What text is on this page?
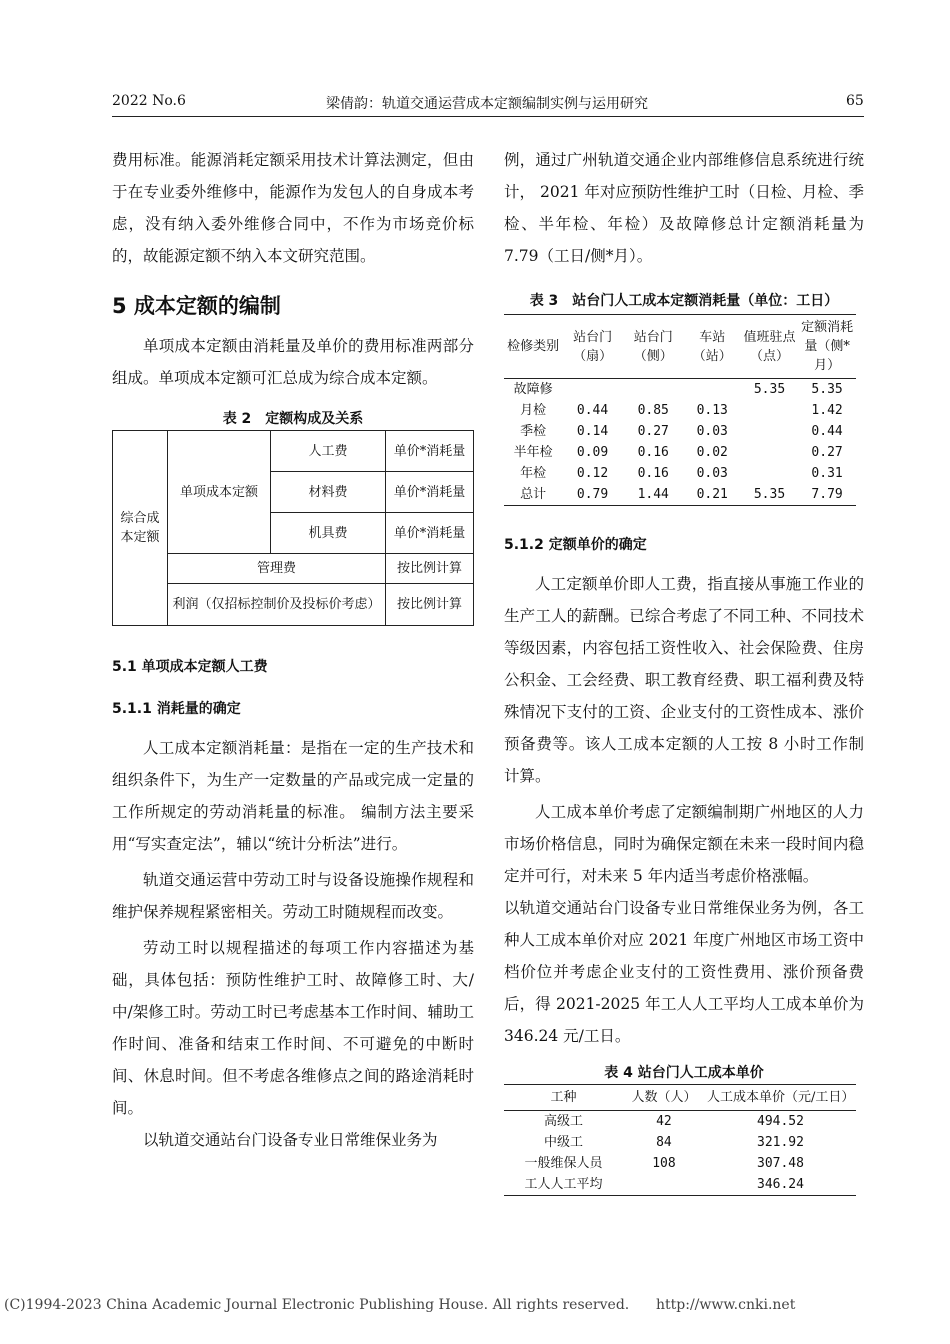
2022 No.6	梁倩韵：轨道交通运营成本定额编制实例与运用研究	65

费用标准。能源消耗定额采用技术计算法测定，但由于在专业委外维修中，能源作为发包人的自身成本考虑，没有纳入委外维修合同中，不作为市场竞价标的，故能源定额不纳入本文研究范围。

5 成本定额的编制

单项成本定额由消耗量及单价的费用标准两部分组成。单项成本定额可汇总成为综合成本定额。

表 2　定额构成及关系
综合成本定额	单项成本定额	人工费	单价*消耗量
		材料费	单价*消耗量
		机具费	单价*消耗量
	管理费		按比例计算
	利润（仅招标控制价及投标价考虑）		按比例计算
5.1 单项成本定额人工费
5.1.1 消耗量的确定

人工成本定额消耗量：是指在一定的生产技术和组织条件下，为生产一定数量的产品或完成一定量的工作所规定的劳动消耗量的标准。 编制方法主要采用“写实查定法”，辅以“统计分析法”进行。

轨道交通运营中劳动工时与设备设施操作规程和维护保养规程紧密相关。劳动工时随规程而改变。

劳动工时以规程描述的每项工作内容描述为基础，具体包括：预防性维护工时、故障修工时、大/中/架修工时。劳动工时已考虑基本工作时间、辅助工作时间、准备和结束工作时间、不可避免的中断时间、休息时间。但不考虑各维修点之间的路途消耗时间。

以轨道交通站台门设备专业日常维保业务为

例，通过广州轨道交通企业内部维修信息系统进行统计， 2021 年对应预防性维护工时（日检、月检、季检、半年检、年检）及故障修总计定额消耗量为 7.79（工日/侧*月）。

表 3　站台门人工成本定额消耗量（单位：工日）
检修类别	站台门（扇）	站台门（侧）	车站（站）	值班驻点（点）	定额消耗量（侧*月）
故障修				5.35	5.35
月检	0.44	0.85	0.13		1.42
季检	0.14	0.27	0.03		0.44
半年检	0.09	0.16	0.02		0.27
年检	0.12	0.16	0.03		0.31
总计	0.79	1.44	0.21	5.35	7.79
5.1.2 定额单价的确定

人工定额单价即人工费，指直接从事施工作业的生产工人的薪酬。已综合考虑了不同工种、不同技术等级因素，内容包括工资性收入、社会保险费、住房公积金、工会经费、职工教育经费、职工福利费及特殊情况下支付的工资、企业支付的工资性成本、涨价预备费等。该人工成本定额的人工按 8 小时工作制计算。

人工成本单价考虑了定额编制期广州地区的人力市场价格信息，同时为确保定额在未来一段时间内稳定并可行，对未来 5 年内适当考虑价格涨幅。

以轨道交通站台门设备专业日常维保业务为例，各工种人工成本单价对应 2021 年度广州地区市场工资中档价位并考虑企业支付的工资性费用、涨价预备费后，得 2021-2025 年工人人工平均人工成本单价为 346.24 元/工日。

表 4 站台门人工成本单价
工种	人数（人）	人工成本单价（元/工日）
高级工	42	494.52
中级工	84	321.92
一般维保人员	108	307.48
工人人工平均		346.24
(C)1994-2023 China Academic Journal Electronic Publishing House. All rights reserved. http://www.cnki.net
